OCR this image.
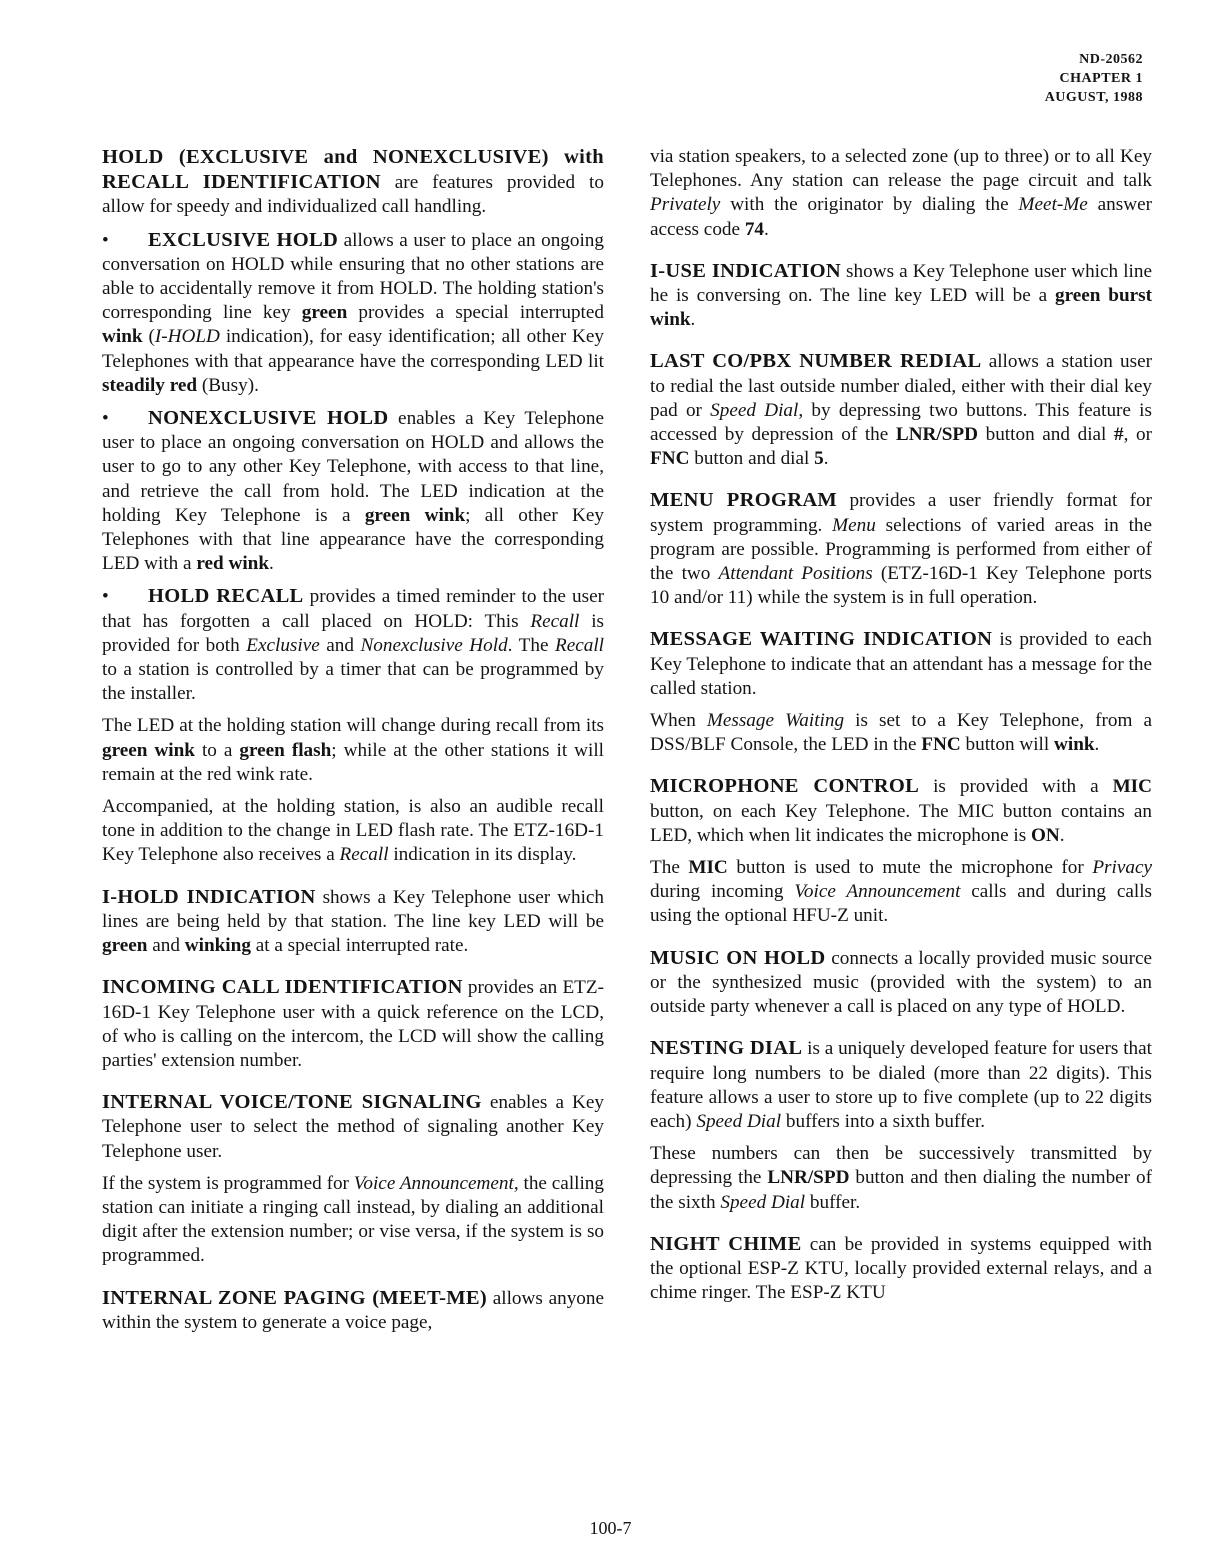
ND-20562
CHAPTER 1
AUGUST, 1988

HOLD (EXCLUSIVE and NONEXCLUSIVE) with RECALL IDENTIFICATION are features provided to allow for speedy and individualized call handling.

• EXCLUSIVE HOLD allows a user to place an ongoing conversation on HOLD while ensuring that no other stations are able to accidentally remove it from HOLD. The holding station's corresponding line key green provides a special interrupted wink (I-HOLD indication), for easy identification; all other Key Telephones with that appearance have the corresponding LED lit steadily red (Busy).

• NONEXCLUSIVE HOLD enables a Key Telephone user to place an ongoing conversation on HOLD and allows the user to go to any other Key Telephone, with access to that line, and retrieve the call from hold. The LED indication at the holding Key Telephone is a green wink; all other Key Telephones with that line appearance have the corresponding LED with a red wink.

• HOLD RECALL provides a timed reminder to the user that has forgotten a call placed on HOLD: This Recall is provided for both Exclusive and Nonexclusive Hold. The Recall to a station is controlled by a timer that can be programmed by the installer.

The LED at the holding station will change during recall from its green wink to a green flash; while at the other stations it will remain at the red wink rate.

Accompanied, at the holding station, is also an audible recall tone in addition to the change in LED flash rate. The ETZ-16D-1 Key Telephone also receives a Recall indication in its display.

I-HOLD INDICATION shows a Key Telephone user which lines are being held by that station. The line key LED will be green and winking at a special interrupted rate.

INCOMING CALL IDENTIFICATION provides an ETZ-16D-1 Key Telephone user with a quick reference on the LCD, of who is calling on the intercom, the LCD will show the calling parties' extension number.

INTERNAL VOICE/TONE SIGNALING enables a Key Telephone user to select the method of signaling another Key Telephone user.

If the system is programmed for Voice Announcement, the calling station can initiate a ringing call instead, by dialing an additional digit after the extension number; or vise versa, if the system is so programmed.

INTERNAL ZONE PAGING (MEET-ME) allows anyone within the system to generate a voice page,

via station speakers, to a selected zone (up to three) or to all Key Telephones. Any station can release the page circuit and talk Privately with the originator by dialing the Meet-Me answer access code 74.

I-USE INDICATION shows a Key Telephone user which line he is conversing on. The line key LED will be a green burst wink.

LAST CO/PBX NUMBER REDIAL allows a station user to redial the last outside number dialed, either with their dial key pad or Speed Dial, by depressing two buttons. This feature is accessed by depression of the LNR/SPD button and dial #, or FNC button and dial 5.

MENU PROGRAM provides a user friendly format for system programming. Menu selections of varied areas in the program are possible. Programming is performed from either of the two Attendant Positions (ETZ-16D-1 Key Telephone ports 10 and/or 11) while the system is in full operation.

MESSAGE WAITING INDICATION is provided to each Key Telephone to indicate that an attendant has a message for the called station.

When Message Waiting is set to a Key Telephone, from a DSS/BLF Console, the LED in the FNC button will wink.

MICROPHONE CONTROL is provided with a MIC button, on each Key Telephone. The MIC button contains an LED, which when lit indicates the microphone is ON.

The MIC button is used to mute the microphone for Privacy during incoming Voice Announcement calls and during calls using the optional HFU-Z unit.

MUSIC ON HOLD connects a locally provided music source or the synthesized music (provided with the system) to an outside party whenever a call is placed on any type of HOLD.

NESTING DIAL is a uniquely developed feature for users that require long numbers to be dialed (more than 22 digits). This feature allows a user to store up to five complete (up to 22 digits each) Speed Dial buffers into a sixth buffer.

These numbers can then be successively transmitted by depressing the LNR/SPD button and then dialing the number of the sixth Speed Dial buffer.

NIGHT CHIME can be provided in systems equipped with the optional ESP-Z KTU, locally provided external relays, and a chime ringer. The ESP-Z KTU

100-7
